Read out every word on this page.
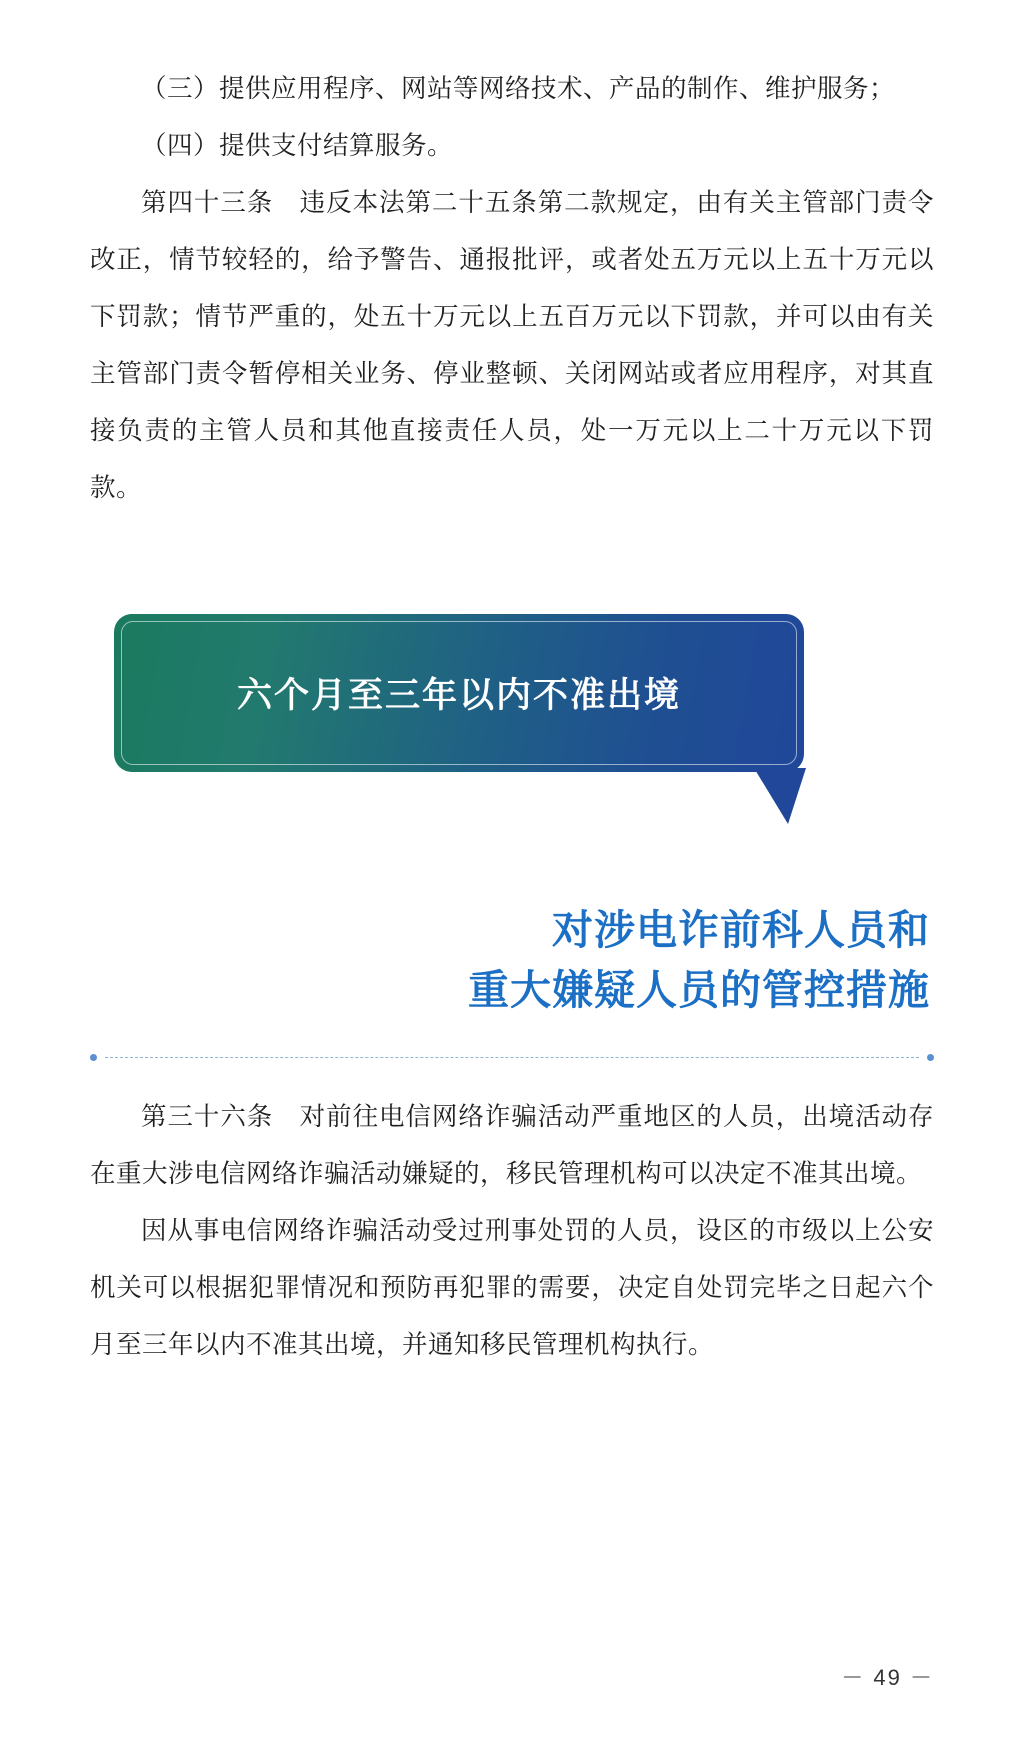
（三）提供应用程序、网站等网络技术、产品的制作、维护服务；

（四）提供支付结算服务。

第四十三条　违反本法第二十五条第二款规定，由有关主管部门责令改正，情节较轻的，给予警告、通报批评，或者处五万元以上五十万元以下罚款；情节严重的，处五十万元以上五百万元以下罚款，并可以由有关主管部门责令暂停相关业务、停业整顿、关闭网站或者应用程序，对其直接负责的主管人员和其他直接责任人员，处一万元以上二十万元以下罚款。

六个月至三年以内不准出境
对涉电诈前科人员和
重大嫌疑人员的管控措施

第三十六条　对前往电信网络诈骗活动严重地区的人员，出境活动存在重大涉电信网络诈骗活动嫌疑的，移民管理机构可以决定不准其出境。

因从事电信网络诈骗活动受过刑事处罚的人员，设区的市级以上公安机关可以根据犯罪情况和预防再犯罪的需要，决定自处罚完毕之日起六个月至三年以内不准其出境，并通知移民管理机构执行。

－ 49 －
